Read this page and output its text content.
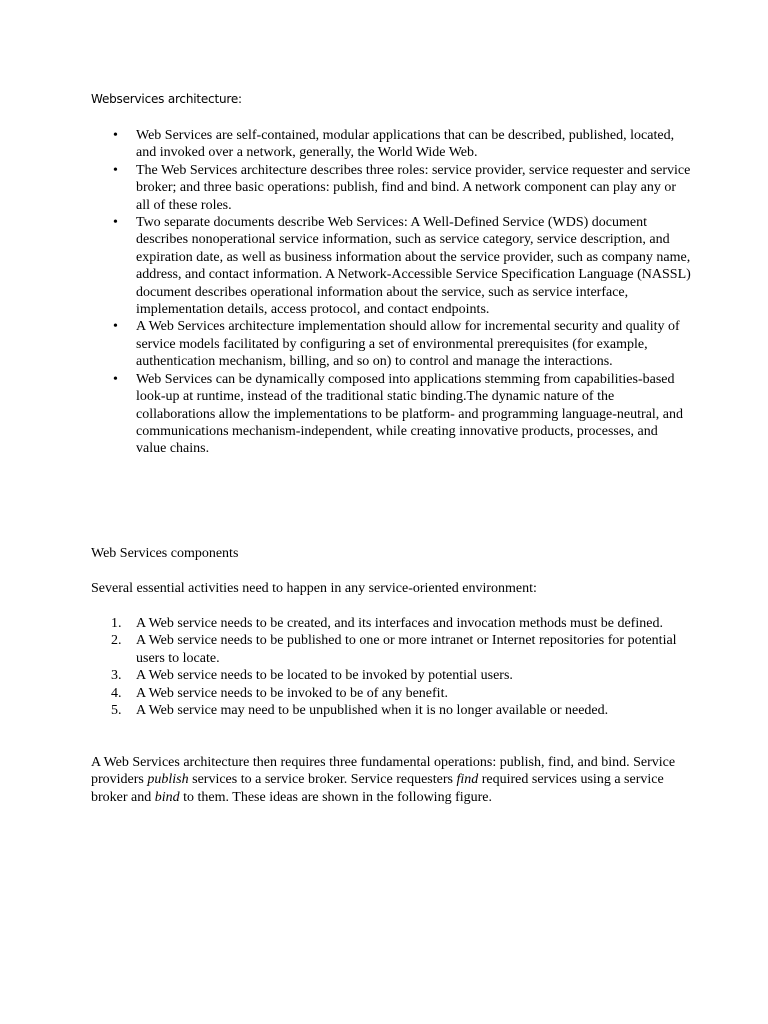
Webservices architecture:
• Web Services are self-contained, modular applications that can be described, published, located, and invoked over a network, generally, the World Wide Web.
• The Web Services architecture describes three roles: service provider, service requester and service broker; and three basic operations: publish, find and bind. A network component can play any or all of these roles.
• Two separate documents describe Web Services: A Well-Defined Service (WDS) document describes nonoperational service information, such as service category, service description, and expiration date, as well as business information about the service provider, such as company name, address, and contact information. A Network-Accessible Service Specification Language (NASSL) document describes operational information about the service, such as service interface, implementation details, access protocol, and contact endpoints.
• A Web Services architecture implementation should allow for incremental security and quality of service models facilitated by configuring a set of environmental prerequisites (for example, authentication mechanism, billing, and so on) to control and manage the interactions.
• Web Services can be dynamically composed into applications stemming from capabilities-based look-up at runtime, instead of the traditional static binding.The dynamic nature of the collaborations allow the implementations to be platform- and programming language-neutral, and communications mechanism-independent, while creating innovative products, processes, and value chains.
Web Services components
Several essential activities need to happen in any service-oriented environment:
1. A Web service needs to be created, and its interfaces and invocation methods must be defined.
2. A Web service needs to be published to one or more intranet or Internet repositories for potential users to locate.
3. A Web service needs to be located to be invoked by potential users.
4. A Web service needs to be invoked to be of any benefit.
5. A Web service may need to be unpublished when it is no longer available or needed.

A Web Services architecture then requires three fundamental operations: publish, find, and bind. Service providers publish services to a service broker. Service requesters find required services using a service broker and bind to them. These ideas are shown in the following figure.
